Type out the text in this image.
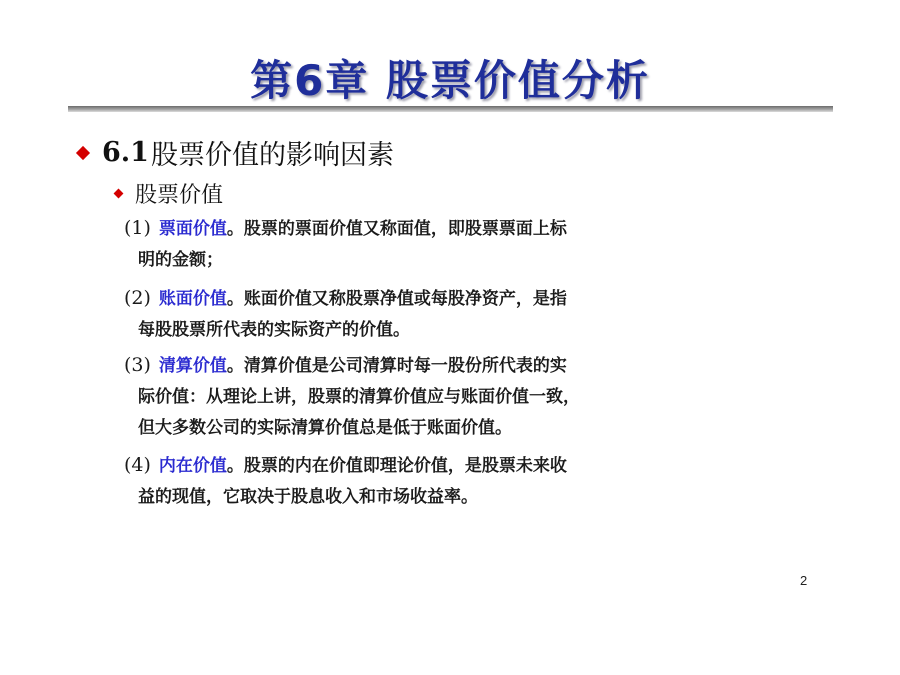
第6章 股票价值分析
6.1 股票价值的影响因素
股票价值
(1) 票面价值。股票的票面价值又称面值，即股票票面上标
明的金额；
(2) 账面价值。账面价值又称股票净值或每股净资产，是指
每股股票所代表的实际资产的价值。
(3) 清算价值。清算价值是公司清算时每一股份所代表的实
际价值：从理论上讲，股票的清算价值应与账面价值一致，
但大多数公司的实际清算价值总是低于账面价值。
(4) 内在价值。股票的内在价值即理论价值，是股票未来收
益的现值，它取决于股息收入和市场收益率。
2
